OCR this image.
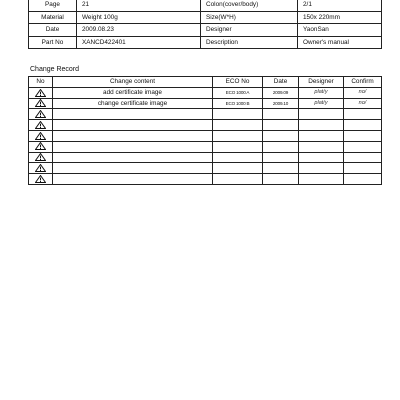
Page	21	Colon(cover/body)	2/1
Material	Weight 100g	Size(W*H)	150x 220mm
Date	2009.08.23	Designer	YaonSan
Part No	XANCD422401	Description	Owner's manual
Change Record
No	Change content	ECO No	Date	Designer	Confirm
	add certificate image	ECO 1000 A	2009.09	plat/y	no/
	change certificate image	ECO 1000 B	2009.10	plat/y	no/
